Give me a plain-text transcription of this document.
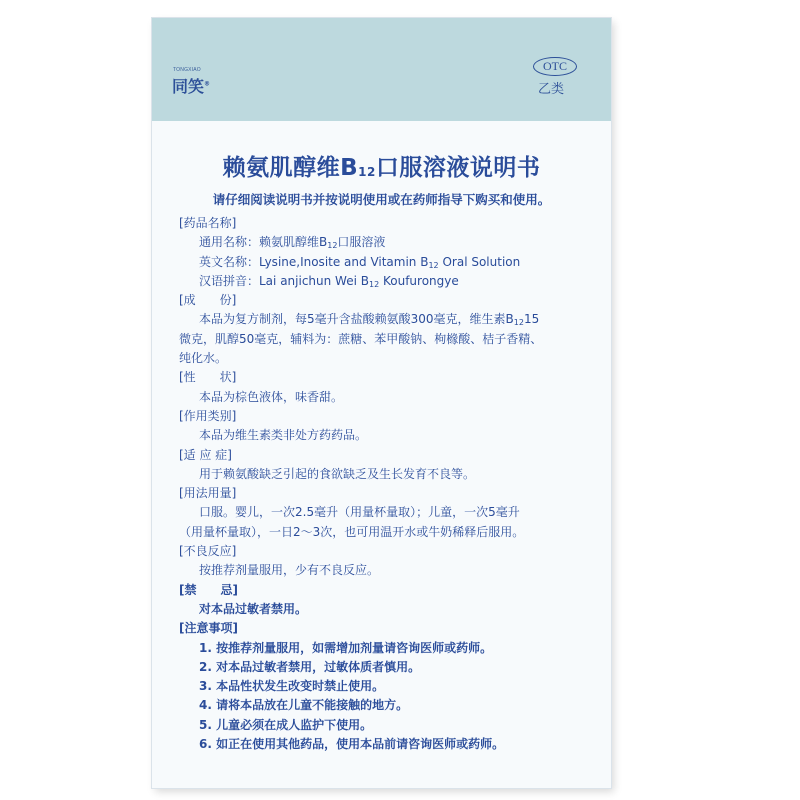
TONGXIAO
同笑®
OTC
乙类
赖氨肌醇维$B_{12}$口服溶液说明书
请仔细阅读说明书并按说明使用或在药师指导下购买和使用。
[药品名称]
通用名称：赖氨肌醇维B12口服溶液
英文名称：Lysine,Inosite and Vitamin B12 Oral Solution
汉语拼音：Lai anjichun Wei B12 Koufurongye
[成　　份]
本品为复方制剂，每5毫升含盐酸赖氨酸300毫克，维生素B1215
微克，肌醇50毫克，辅料为：蔗糖、苯甲酸钠、枸橼酸、桔子香精、
纯化水。
[性　　状]
本品为棕色液体，味香甜。
[作用类别]
本品为维生素类非处方药药品。
[适 应 症]
用于赖氨酸缺乏引起的食欲缺乏及生长发育不良等。
[用法用量]
口服。婴儿，一次2.5毫升（用量杯量取）；儿童，一次5毫升
（用量杯量取），一日2～3次，也可用温开水或牛奶稀释后服用。
[不良反应]
按推荐剂量服用，少有不良反应。
[禁　　忌]
对本品过敏者禁用。
[注意事项]
1. 按推荐剂量服用，如需增加剂量请咨询医师或药师。
2. 对本品过敏者禁用，过敏体质者慎用。
3. 本品性状发生改变时禁止使用。
4. 请将本品放在儿童不能接触的地方。
5. 儿童必须在成人监护下使用。
6. 如正在使用其他药品，使用本品前请咨询医师或药师。
